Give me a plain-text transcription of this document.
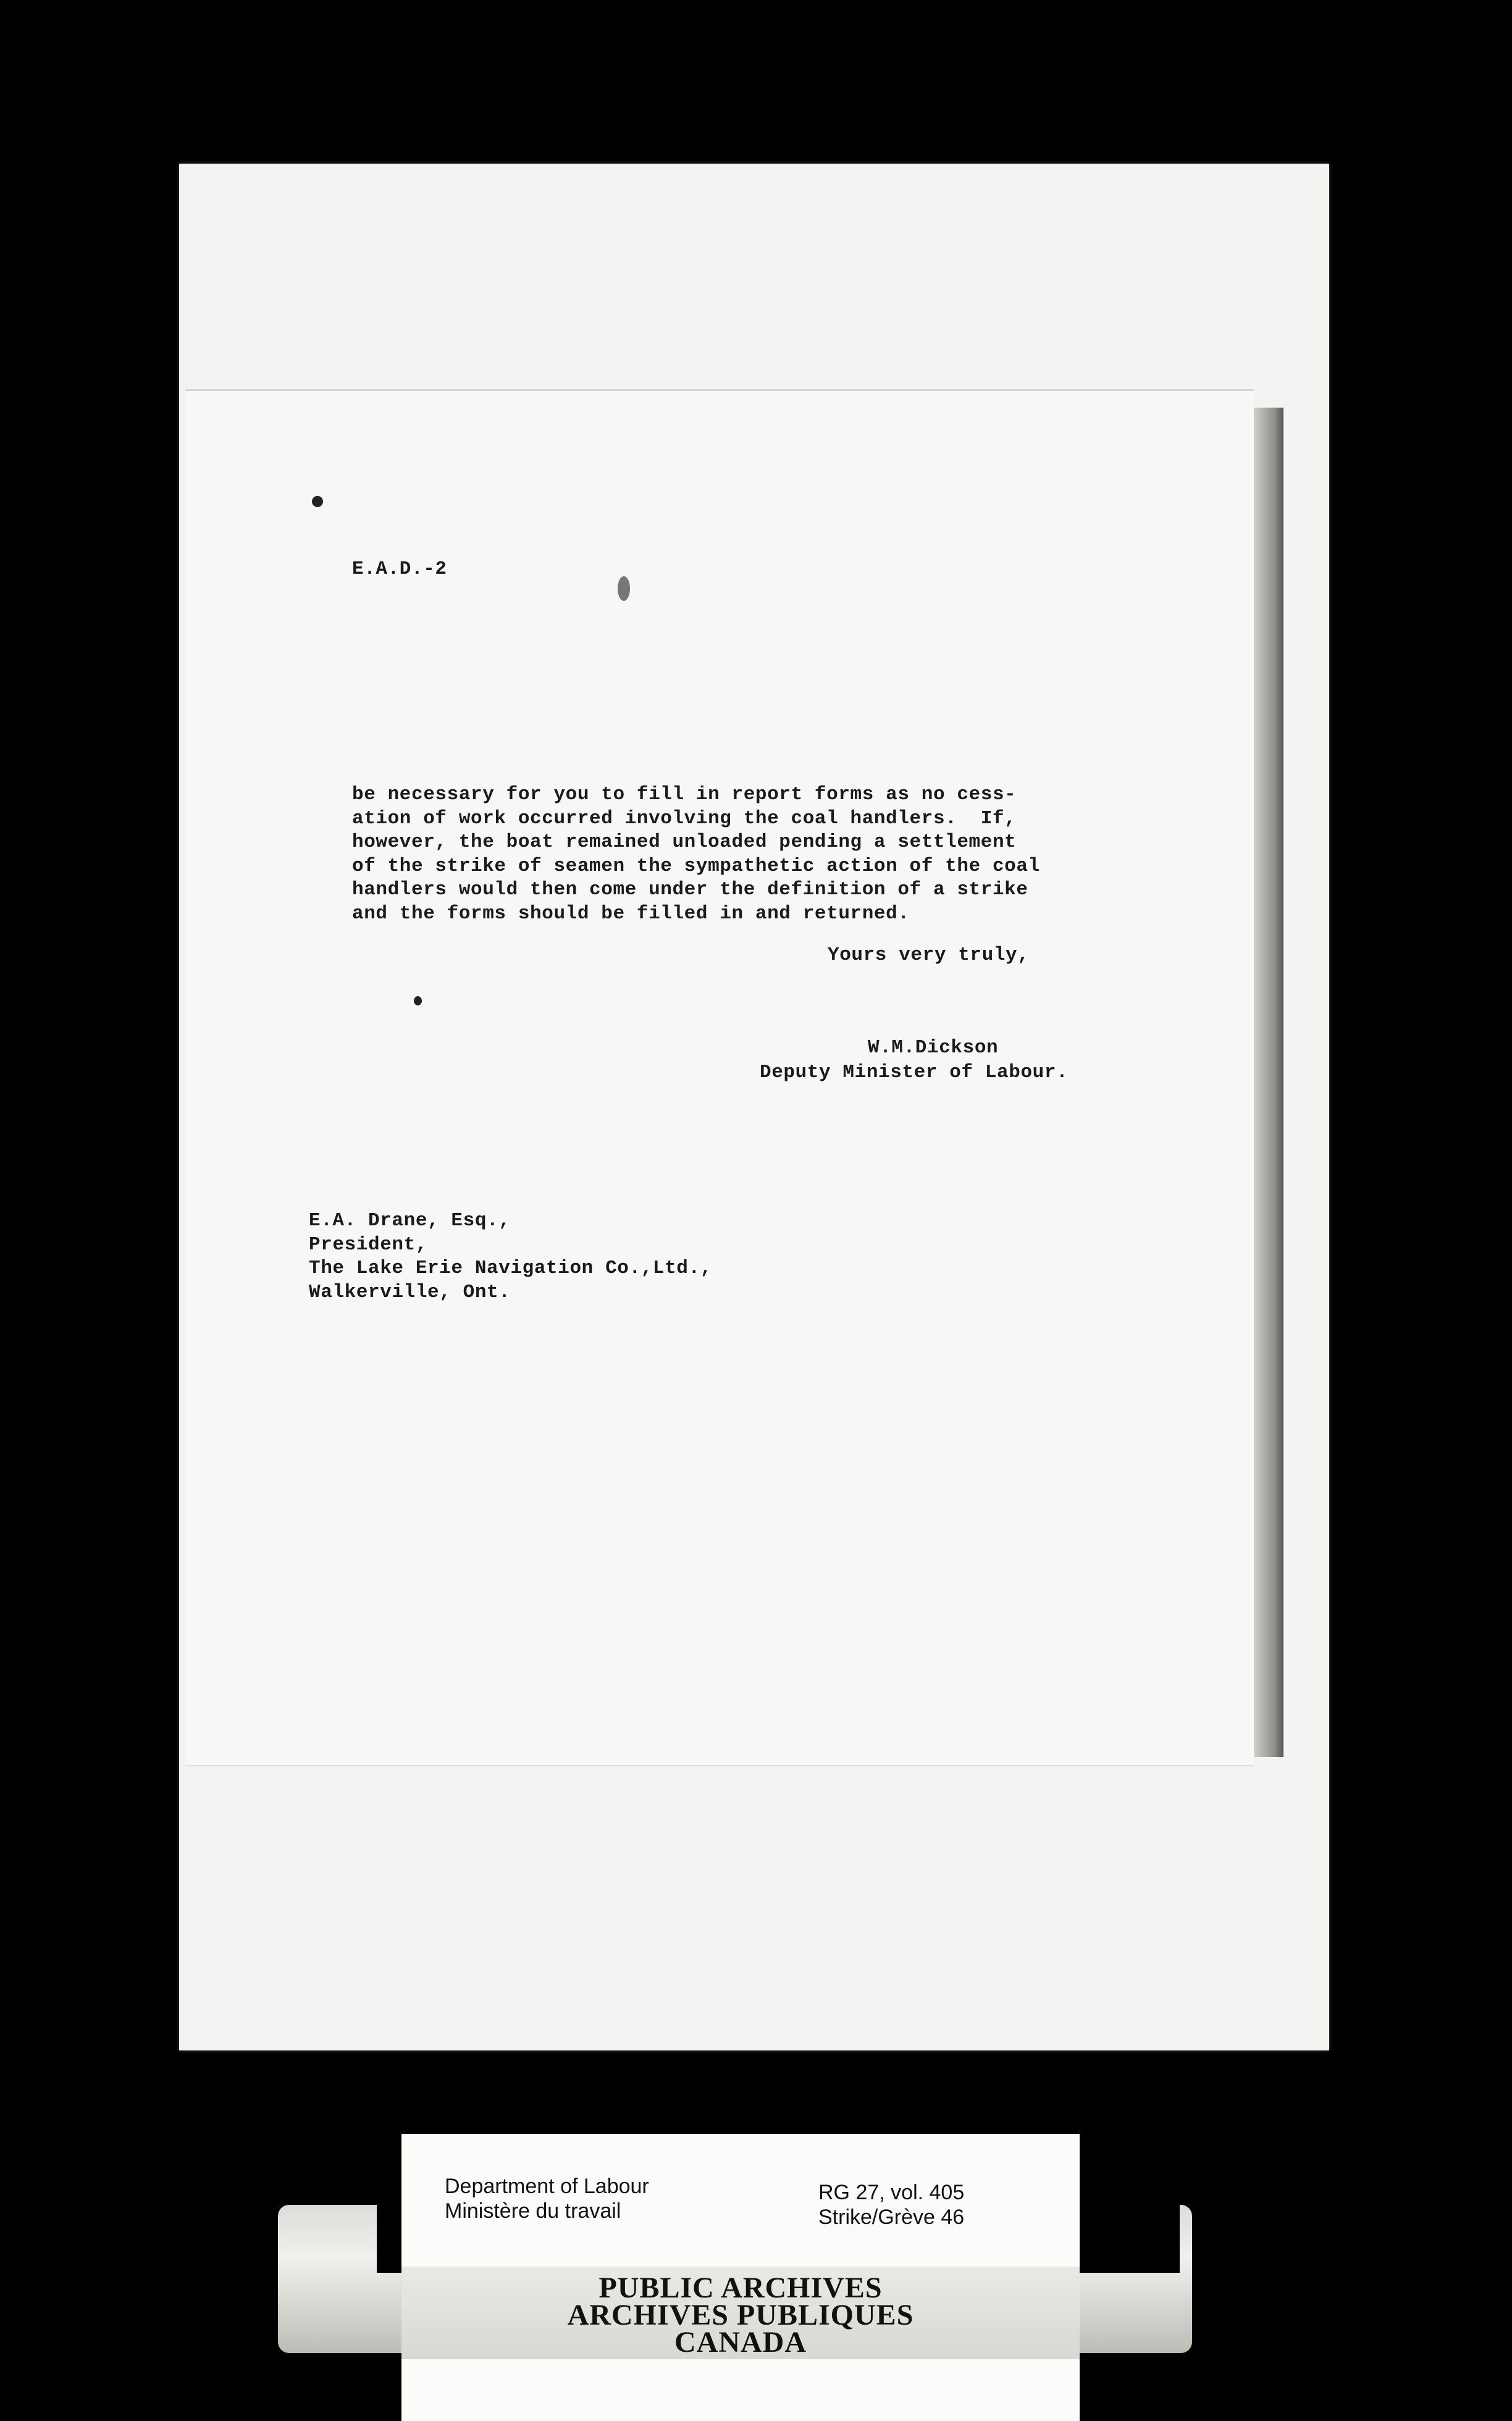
E.A.D.-2
be necessary for you to fill in report forms as no cess-
ation of work occurred involving the coal handlers.  If,
however, the boat remained unloaded pending a settlement
of the strike of seamen the sympathetic action of the coal
handlers would then come under the definition of a strike
and the forms should be filled in and returned.
Yours very truly,
W.M.Dickson
Deputy Minister of Labour.
E.A. Drane, Esq.,
President,
The Lake Erie Navigation Co.,Ltd.,
Walkerville, Ont.
Department of Labour
Ministère du travail
RG 27, vol. 405
Strike/Grève 46
PUBLIC ARCHIVES
ARCHIVES PUBLIQUES
CANADA
